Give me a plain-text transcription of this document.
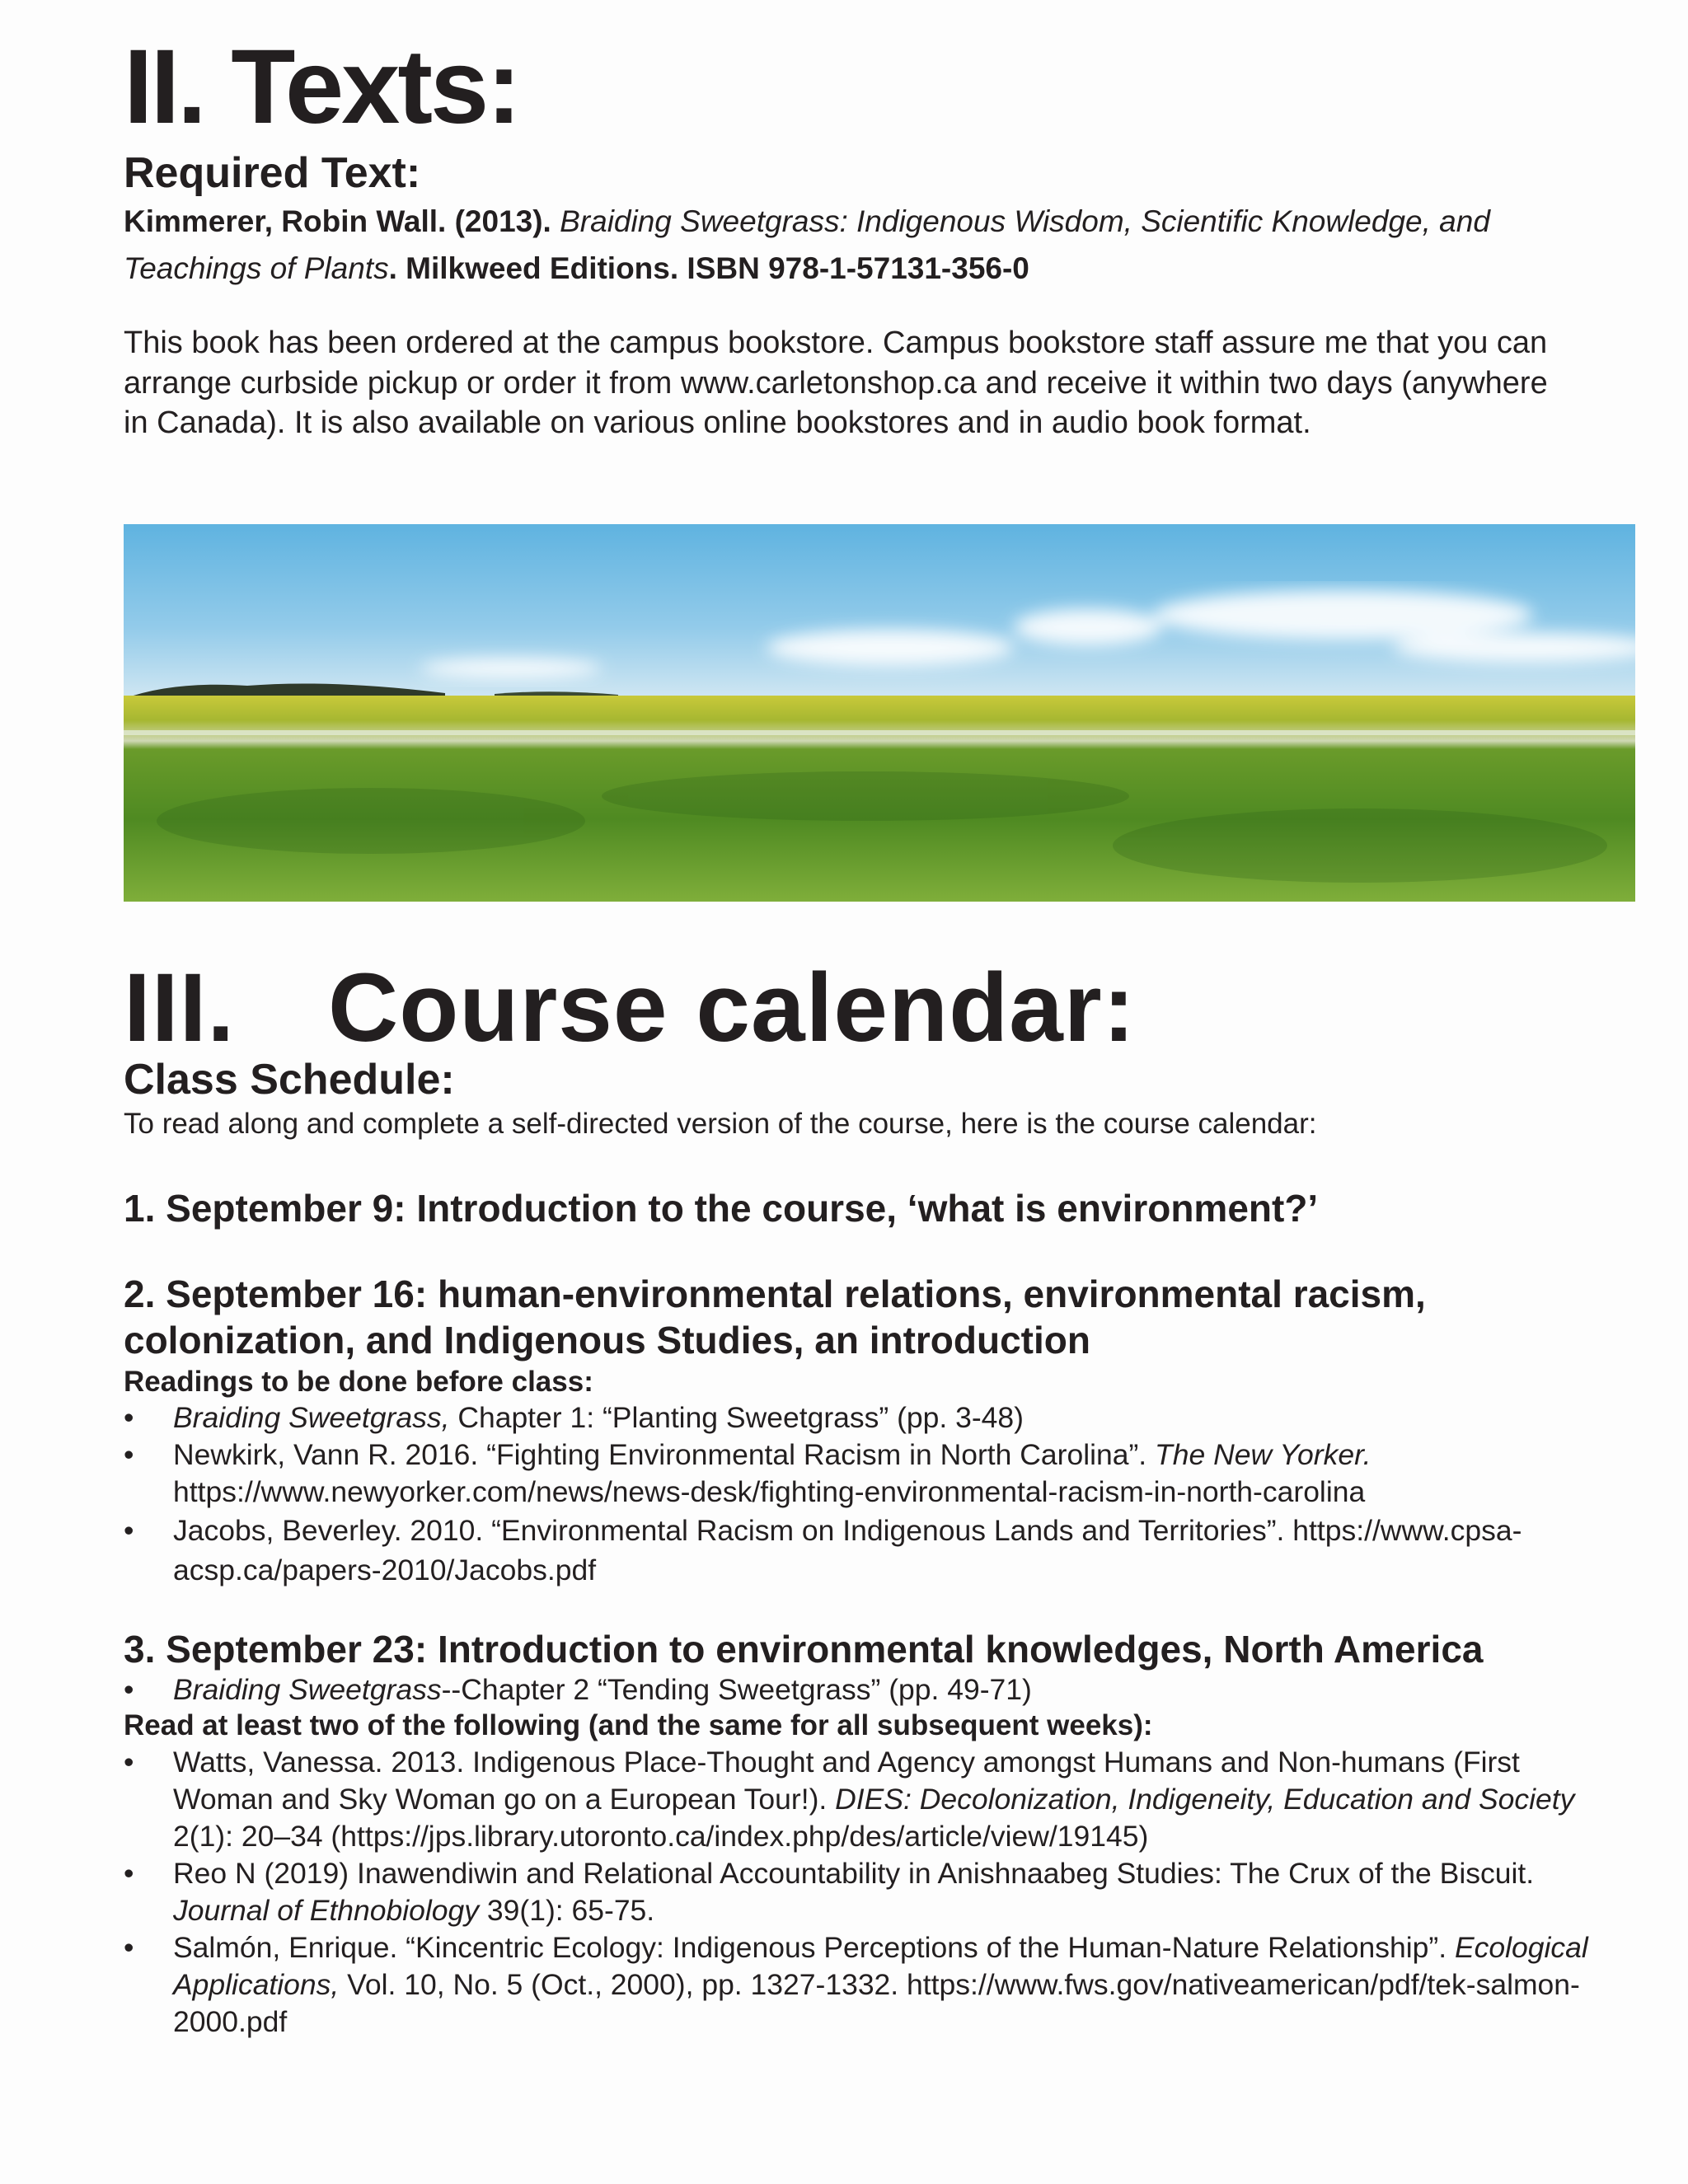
II. Texts:
Required Text:
Kimmerer, Robin Wall. (2013). Braiding Sweetgrass: Indigenous Wisdom, Scientific Knowledge, and Teachings of Plants. Milkweed Editions. ISBN 978-1-57131-356-0
This book has been ordered at the campus bookstore. Campus bookstore staff assure me that you can arrange curbside pickup or order it from www.carletonshop.ca and receive it within two days (anywhere in Canada). It is also available on various online bookstores and in audio book format.
III. Course calendar:
Class Schedule:
To read along and complete a self-directed version of the course, here is the course calendar:
1. September 9: Introduction to the course, ‘what is environment?’
2. September 16: human-environmental relations, environmental racism, colonization, and Indigenous Studies, an introduction
Readings to be done before class:
• Braiding Sweetgrass, Chapter 1: “Planting Sweetgrass” (pp. 3-48)
• Newkirk, Vann R. 2016. “Fighting Environmental Racism in North Carolina”. The New Yorker. https://www.newyorker.com/news/news-desk/fighting-environmental-racism-in-north-carolina
• Jacobs, Beverley. 2010. “Environmental Racism on Indigenous Lands and Territories”. https://www.cpsa-acsp.ca/papers-2010/Jacobs.pdf
3. September 23: Introduction to environmental knowledges, North America
• Braiding Sweetgrass--Chapter 2 “Tending Sweetgrass” (pp. 49-71)
Read at least two of the following (and the same for all subsequent weeks):
• Watts, Vanessa. 2013. Indigenous Place-Thought and Agency amongst Humans and Non-humans (First Woman and Sky Woman go on a European Tour!). DIES: Decolonization, Indigeneity, Education and Society 2(1): 20–34 (https://jps.library.utoronto.ca/index.php/des/article/view/19145)
• Reo N (2019) Inawendiwin and Relational Accountability in Anishnaabeg Studies: The Crux of the Biscuit. Journal of Ethnobiology 39(1): 65-75.
• Salmón, Enrique. “Kincentric Ecology: Indigenous Perceptions of the Human-Nature Relationship”. Ecological Applications, Vol. 10, No. 5 (Oct., 2000), pp. 1327-1332. https://www.fws.gov/nativeamerican/pdf/tek-salmon-2000.pdf
